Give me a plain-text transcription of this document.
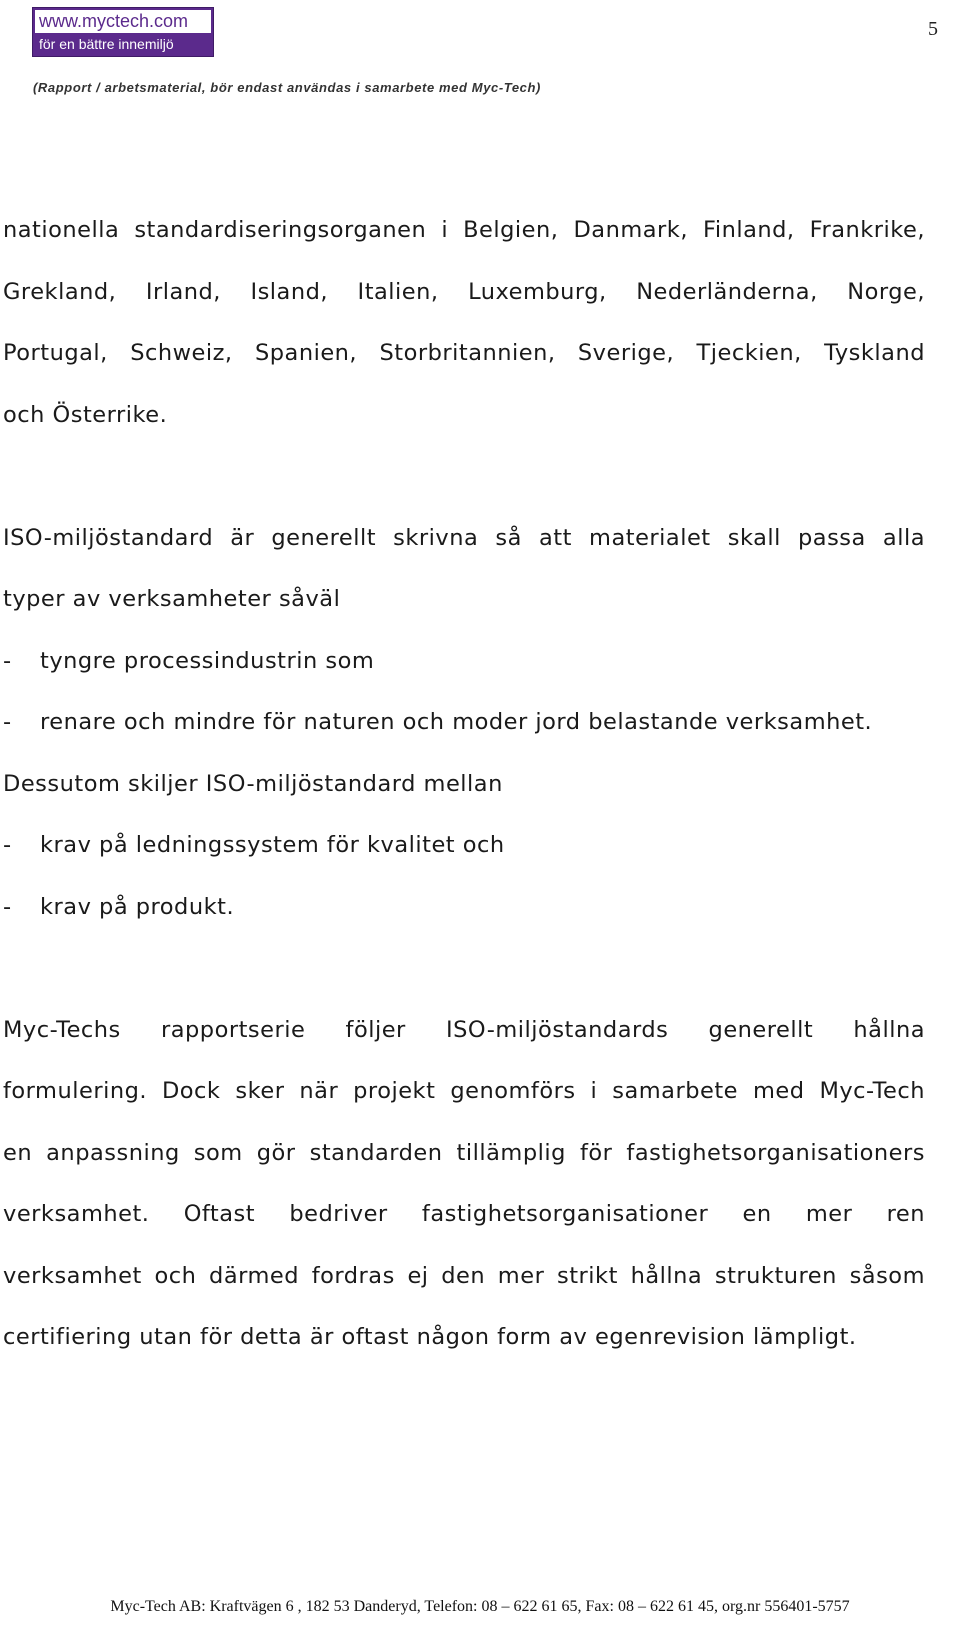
www.myctech.com
för en bättre innemiljö
5
(Rapport / arbetsmaterial, bör endast användas i samarbete med Myc-Tech)
nationella standardiseringsorganen i Belgien, Danmark, Finland, Frankrike,
Grekland, Irland, Island, Italien, Luxemburg, Nederländerna, Norge,
Portugal, Schweiz, Spanien, Storbritannien, Sverige, Tjeckien, Tyskland
och Österrike.
ISO-miljöstandard är generellt skrivna så att materialet skall passa alla
typer av verksamheter såväl
-	tyngre processindustrin som
-	renare och mindre för naturen och moder jord belastande verksamhet.
Dessutom skiljer ISO-miljöstandard mellan
-	krav på ledningssystem för kvalitet och
-	krav på produkt.
Myc-Techs rapportserie följer ISO-miljöstandards generellt hållna
formulering. Dock sker när projekt genomförs i samarbete med Myc-Tech
en anpassning som gör standarden tillämplig för fastighetsorganisationers
verksamhet. Oftast bedriver fastighetsorganisationer en mer ren
verksamhet och därmed fordras ej den mer strikt hållna strukturen såsom
certifiering utan för detta är oftast någon form av egenrevision lämpligt.
Myc-Tech AB: Kraftvägen 6 , 182 53 Danderyd, Telefon: 08 – 622 61 65, Fax: 08 – 622 61 45, org.nr 556401-5757
